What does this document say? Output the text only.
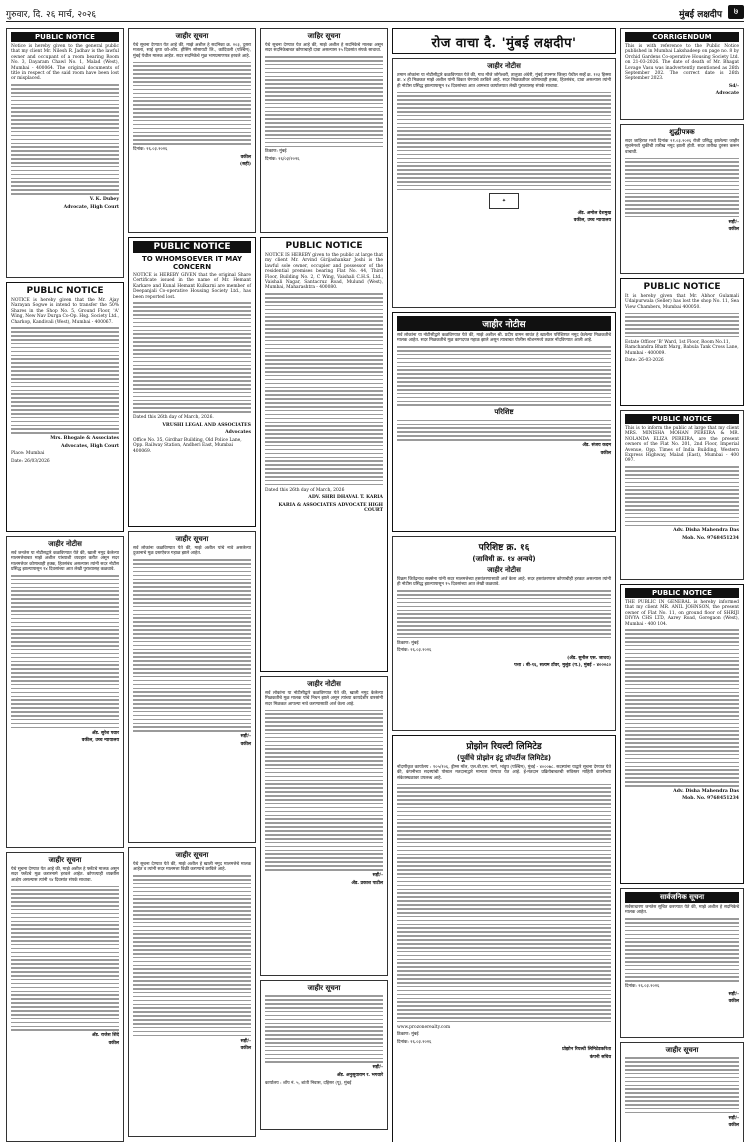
गुरुवार, दि. २६ मार्च, २०२६	मुंबई लक्षदीप	७
PUBLIC NOTICE

Notice is hereby given to the general public that my client Mr. Nilesh R. Jadhav is the lawful owner and occupant of a room bearing Room No. 3, Dayaram Chawl No. 1, Malad (West), Mumbai - 400064. The original documents of title in respect of the said room have been lost or misplaced.

V. K. Dubey
Advocate, High Court
PUBLIC NOTICE

NOTICE is hereby given that the Mr. Ajay Narayan Sogwe is intend to transfer the 50% Shares in the Shop No. 5, Ground Floor, 'A' Wing, New Nav Durga Co-Op. Hsg. Society Ltd., Charkop, Kandivali (West), Mumbai - 400067.

Mrs. Bhogale & Associates
Advocates, High Court
Place: Mumbai
Date: 26/03/2026
जाहीर नोटीस

सर्व जनतेस या नोटीसद्वारे कळविण्यात येते की, खाली नमूद केलेल्या मालमत्तेबाबत माझे अशील यांच्याशी व्यवहार करीत असून सदर मालमत्तेवर कोणाचाही हक्क, हितसंबंध असल्यास त्यांनी सदर नोटीस प्रसिद्ध झाल्यापासून १४ दिवसांच्या आत लेखी पुराव्यासह कळवावे.

अ‍ॅड. सुरेश पवार
वकील, उच्च न्यायालय
जाहीर सूचना

येथे सूचना देण्यात येत आहे की, माझे अशील हे फ्लॅटचे मालक असून सदर फ्लॅटचे मूळ करारनामे हरवले आहेत. कोणत्याही व्यक्तीस आक्षेप असल्यास त्यांनी १४ दिवसांत संपर्क साधावा.

अ‍ॅड. राजेश शिंदे
वकील
जाहीर सूचना

येथे सूचना देण्यात येत आहे की, माझे अशील हे सदनिका क्र. २०३, दुसरा मजला, साई कृपा को-ऑप. हौसिंग सोसायटी लि., कांदिवली (पश्चिम), मुंबई येथील मालक आहेत. सदर सदनिकेचे मूळ भागप्रमाणपत्र हरवले आहे.

दिनांक: २६.०३.२०२६
वकील
(सही)
PUBLIC NOTICE
TO WHOMSOEVER IT MAY CONCERN

NOTICE is HEREBY GIVEN that the original Share Certificate issued in the name of Mr. Hemant Karkare and Kunal Hemant Kulkarni are member of Deepanjali Co-operative Housing Society Ltd., has been reported lost.

Dated this 26th day of March, 2026.
VRUSHI LEGAL AND ASSOCIATES
Advocates
Office No. 35, Girdhar Building, Old Police Lane, Opp. Railway Station, Andheri East, Mumbai 400069.
जाहीर सूचना

सर्व लोकांना कळविण्यात येते की, माझे अशील यांचे नावे असलेल्या दुकानाचे मूळ दस्तऐवज गहाळ झाले आहेत.

सही/-
वकील
जाहीर सूचना

येथे सूचना देण्यात येते की, माझे अशील हे खाली नमूद मालमत्तेचे मालक आहेत व त्यांनी सदर मालमत्ता विक्री करण्याचे ठरविले आहे.

सही/-
वकील
जाहिर सूचना

येथे सूचना देण्यात येत आहे की, माझे अशील हे सदनिकेचे मालक असून सदर सदनिकेबाबत कोणाचाही दावा असल्यास १५ दिवसांत संपर्क साधावा.

ठिकाण: मुंबई
दिनांक: २६/०३/२०२६
PUBLIC NOTICE

NOTICE IS HEREBY given to the public at large that my client Mr. Arvind Girijashankar Joshi is the lawful sole owner, occupier and possessor of the residential premises bearing Flat No. 44, Third Floor, Building No. 2, C Wing, Vaishali C.H.S. Ltd., Vaishali Nagar, Santacruz Road, Mulund (West), Mumbai, Maharashtra - 400080.

Dated this 26th day of March, 2026
ADV. SHRI DHAVAL T. KARIA
KARIA & ASSOCIATES ADVOCATE HIGH COURT
जाहीर नोटीस

सर्व लोकांना या नोटीसीद्वारे कळविण्यात येते की, खाली नमूद केलेल्या मिळकतीचे मूळ मालक यांचे निधन झाले असून त्यांच्या कायदेशीर वारसांनी सदर मिळकत आपल्या नावे करण्यासाठी अर्ज केला आहे.

सही/-
अ‍ॅड. प्रकाश पाटील
जाहीर सूचना
सही/-
अ‍ॅड. अनुसूयाराम र. भगवारे
कार्यालय : शॉप नं. ५, शांती निवास, दहिसर (पू), मुंबई
रोज वाचा दै. 'मुंबई लक्षदीप'
जाहीर नोटीस

तमाम लोकांना या नोटीसीद्वारे कळविण्यात येते की, गाव मौजे जोगेश्वरी, तालुका अंधेरी, मुंबई उपनगर जिल्हा येथील सर्व्हे क्र. १२३ हिस्सा क्र. ४ ही मिळकत माझे अशील यांनी विकत घेण्याचे ठरविले आहे. सदर मिळकतीवर कोणाचाही हक्क, हितसंबंध, दावा असल्यास त्यांनी ही नोटीस प्रसिद्ध झाल्यापासून १४ दिवसांच्या आत आमच्या कार्यालयात लेखी पुराव्यासह संपर्क साधावा.

✦
अ‍ॅड. अमोल देशमुख
वकील, उच्च न्यायालय
जाहीर नोटीस

सर्व लोकांना या नोटीसीद्वारे कळविण्यात येते की, माझे अशील श्री. प्रदीप वामन सावंत हे खालील परिशिष्टात नमूद केलेल्या मिळकतीचे मालक आहेत. सदर मिळकतीचे मूळ कागदपत्र गहाळ झाले असून त्याबाबत पोलीस स्टेशनमध्ये तक्रार नोंदविण्यात आली आहे.

परिशिष्ट
अ‍ॅड. संजय कदम
वकील
परिशिष्ट क्र. १६
(जाविधी क्र. १४ अन्वये)
जाहीर नोटीस

विक्रम जितेंद्रनाथ सक्सेना यांनी सदर मालमत्तेच्या हस्तांतरणासाठी अर्ज केला आहे. सदर हस्तांतरणास कोणाचीही हरकत असल्यास त्यांनी ही नोटीस प्रसिद्ध झाल्यापासून १५ दिवसांच्या आत लेखी कळवावे.

ठिकाण: मुंबई
दिनांक: २६.०३.२०२६
(अ‍ॅड. सुनील एस. जाधव)
पत्ता : बी-१६, सत्यम टॉवर, मुलुंड (प.), मुंबई - ४०००८०
प्रोझोन रियल्टी लिमिटेड
(पूर्वीचे प्रोझोन इंटू प्रॉपर्टीज लिमिटेड)

नोंदणीकृत कार्यालय : १०५/१०६, ड्रीम्स मॉल, एल.बी.एस. मार्ग, भांडुप (पश्चिम), मुंबई - ४०००७८. सदस्यांना याद्वारे सूचना देण्यात येते की, कंपनीच्या सदस्यांची पोस्टल मतदानाद्वारे मान्यता घेण्यात येत आहे. ई-मतदान प्रक्रियेबाबतची सविस्तर माहिती कंपनीच्या संकेतस्थळावर उपलब्ध आहे.

www.prozonerealty.com
ठिकाण: मुंबई
दिनांक: २६.०३.२०२६
प्रोझोन रियल्टी लिमिटेडकरिता
कंपनी सचिव
CORRIGENDUM

This is with reference to the Public Notice published in Mumbai Lakshadeep on page no. 8 by Orchid Gardens Co-operative Housing Society Ltd. on 21-03-2026. The date of death of Mr. Bhagat Lovage Vasu was inadvertently mentioned as 26th September 202. The correct date is 26th September 2023.

Sd/-
Advocate
शुद्धीपत्रक

सदर जाहिरात मध्ये दिनांक २१.०३.२०२६ रोजी प्रसिद्ध झालेल्या जाहीर सूचनेमध्ये चुकीची तारीख नमूद झाली होती. सदर तारीख दुरुस्त करून वाचावी.

सही/-
वकील
PUBLIC NOTICE

It is hereby given that Mr. Abhor Gulamali Udaipurwala (Seller) has lost the shop No. 11, Sea View Chambers, Mumbai 400050.

Estate Officer 'B' Ward, 1st Floor, Room No.11, Ramchandra Bhatt Marg, Babula Tank Cross Lane, Mumbai - 400009.
Date: 26-03-2026
PUBLIC NOTICE

This is to inform the public at large that my client MRS. MINISHA MOHAN PEREIRA & MR. NOLANDA ELIZA PEREIRA, are the present owners of the Flat No. 201, 2nd Floor, Imperial Avenue, Opp. Times of India Building, Western Express Highway, Malad (East), Mumbai - 400 097.

Adv. Disha Mahendra Das
Mob. No. 9768451234
PUBLIC NOTICE

THE PUBLIC IN GENERAL is hereby informed that my client MR. ANIL JOHNSON, the present owner of Flat No. 11, on ground floor of SHRIJI DIVYA CHS LTD, Aarey Road, Goregaon (West), Mumbai - 400 104.

Adv. Disha Mahendra Das
Mob. No. 9768451234
सार्वजनिक सूचना

सर्वसाधारण जनतेस सूचित करण्यात येते की, माझे अशील हे सदनिकेचे मालक आहेत.

दिनांक: २६.०३.२०२६
सही/-
वकील
जाहीर सूचना
सही/-
वकील
